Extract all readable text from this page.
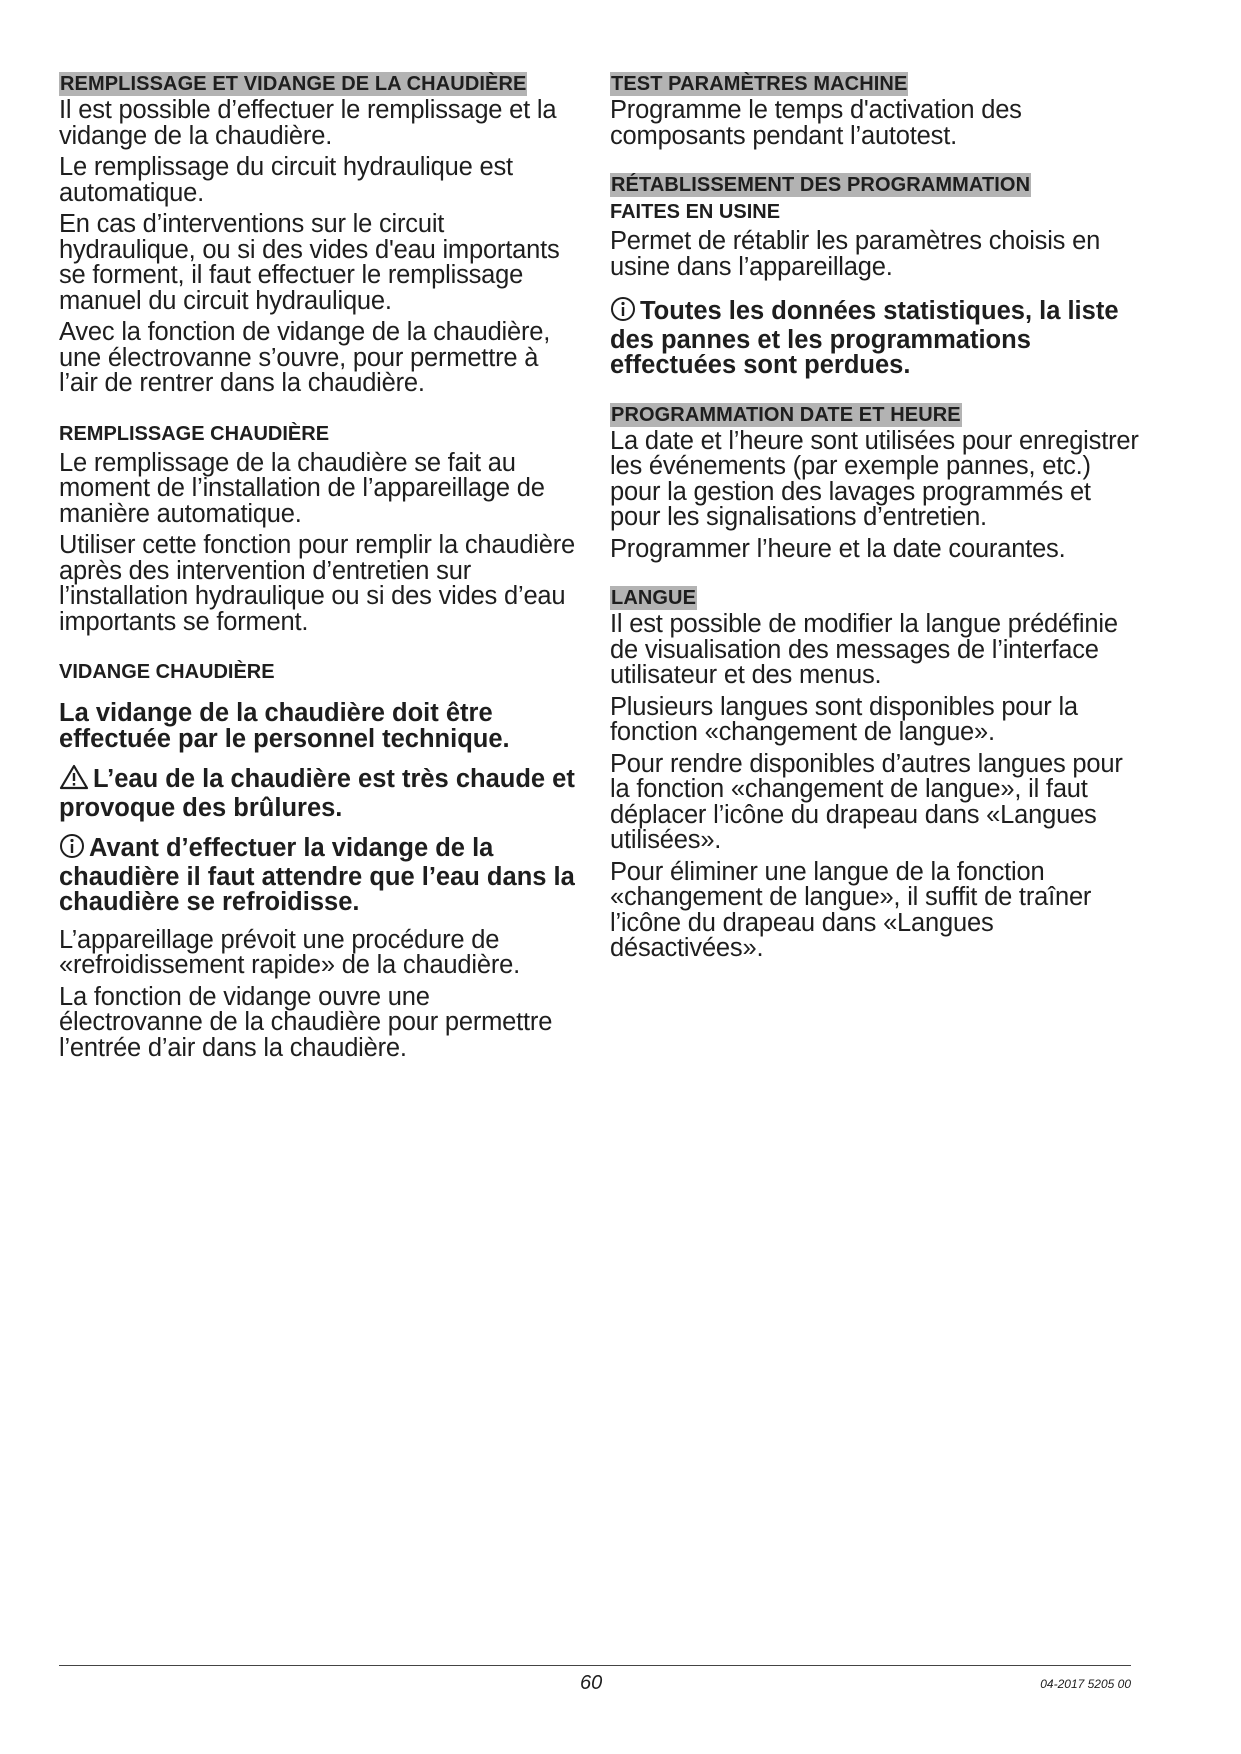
REMPLISSAGE ET VIDANGE DE LA CHAUDIÈRE

Il est possible d’effectuer le remplissage et la vidange de la chaudière.

Le remplissage du circuit hydraulique est automatique.

En cas d’interventions sur le circuit hydraulique, ou si des vides d'eau importants se forment, il faut effectuer le remplissage manuel du circuit hydraulique.

Avec la fonction de vidange de la chaudière, une électrovanne s’ouvre, pour permettre à l’air de rentrer dans la chaudière.

REMPLISSAGE CHAUDIÈRE

Le remplissage de la chaudière se fait au moment de l’installation de l’appareillage de manière automatique.

Utiliser cette fonction pour remplir la chaudière après des intervention d’entretien sur l’installation hydraulique ou si des vides d’eau importants se forment.

VIDANGE CHAUDIÈRE

La vidange de la chaudière doit être effectuée par le personnel technique.

L’eau de la chaudière est très chaude et provoque des brûlures.

Avant d’effectuer la vidange de la chaudière il faut attendre que l’eau dans la chaudière se refroidisse.

L’appareillage prévoit une procédure de «refroidissement rapide» de la chaudière.

La fonction de vidange ouvre une électrovanne de la chaudière pour permettre l’entrée d’air dans la chaudière.

TEST PARAMÈTRES MACHINE

Programme le temps d'activation des composants pendant l’autotest.

RÉTABLISSEMENT DES PROGRAMMATION
FAITES EN USINE

Permet de rétablir les paramètres choisis en usine dans l’appareillage.

Toutes les données statistiques, la liste des pannes et les programmations effectuées sont perdues.

PROGRAMMATION DATE ET HEURE

La date et l’heure sont utilisées pour enregistrer les événements (par exemple pannes, etc.) pour la gestion des lavages programmés et pour les signalisations d’entretien.

Programmer l’heure et la date courantes.

LANGUE

Il est possible de modifier la langue prédéfinie de visualisation des messages de l’interface utilisateur et des menus.

Plusieurs langues sont disponibles pour la fonction «changement de langue».

Pour rendre disponibles d’autres langues pour la fonction «changement de langue», il faut déplacer l’icône du drapeau dans «Langues utilisées».

Pour éliminer une langue de la fonction «changement de langue», il suffit de traîner l’icône du drapeau dans «Langues désactivées».

60	04-2017 5205 00
